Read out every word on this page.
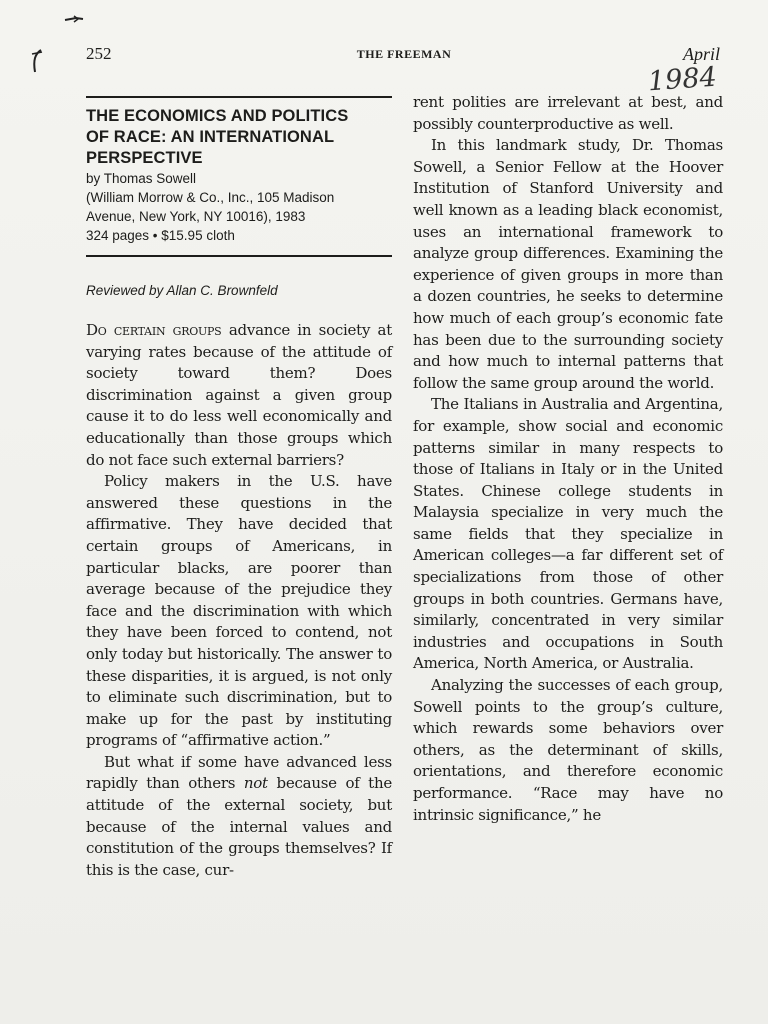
252	THE FREEMAN	April
1984

THE ECONOMICS AND POLITICS

OF RACE: AN INTERNATIONAL

PERSPECTIVE

by Thomas Sowell

(William Morrow & Co., Inc., 105 Madison

Avenue, New York, NY 10016), 1983

324 pages • $15.95 cloth

Reviewed by Allan C. Brownfeld

Do certain groups advance in society at varying rates because of the attitude of society toward them? Does discrimination against a given group cause it to do less well economically and educationally than those groups which do not face such external barriers?

Policy makers in the U.S. have answered these questions in the affirmative. They have decided that certain groups of Americans, in particular blacks, are poorer than average because of the prejudice they face and the discrimination with which they have been forced to contend, not only today but historically. The answer to these disparities, it is argued, is not only to eliminate such discrimination, but to make up for the past by instituting programs of “affirmative action.”

But what if some have advanced less rapidly than others not because of the attitude of the external society, but because of the internal values and constitution of the groups themselves? If this is the case, cur-

rent polities are irrelevant at best, and possibly counterproductive as well.

In this landmark study, Dr. Thomas Sowell, a Senior Fellow at the Hoover Institution of Stanford University and well known as a leading black economist, uses an international framework to analyze group differences. Examining the experience of given groups in more than a dozen countries, he seeks to determine how much of each group’s economic fate has been due to the surrounding society and how much to internal patterns that follow the same group around the world.

The Italians in Australia and Argentina, for example, show social and economic patterns similar in many respects to those of Italians in Italy or in the United States. Chinese college students in Malaysia specialize in very much the same fields that they specialize in American colleges—a far different set of specializations from those of other groups in both countries. Germans have, similarly, concentrated in very similar industries and occupations in South America, North America, or Australia.

Analyzing the successes of each group, Sowell points to the group’s culture, which rewards some behaviors over others, as the determinant of skills, orientations, and therefore economic performance. “Race may have no intrinsic significance,” he
